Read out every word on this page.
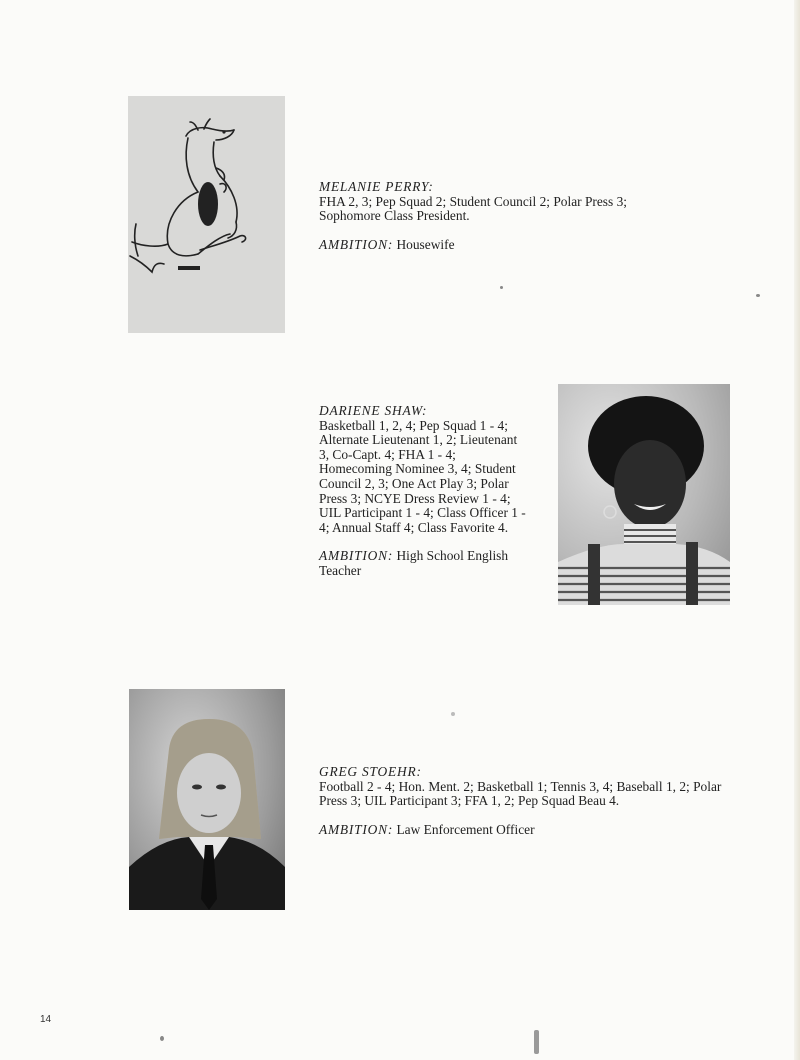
MELANIE PERRY:

FHA 2, 3; Pep Squad 2; Student Council 2; Polar Press 3; Sophomore Class President.

AMBITION: Housewife

DARIENE SHAW:

Basketball 1, 2, 4; Pep Squad 1 - 4; Alternate Lieutenant 1, 2; Lieutenant 3, Co-Capt. 4; FHA 1 - 4; Homecoming Nominee 3, 4; Student Council 2, 3; One Act Play 3; Polar Press 3; NCYE Dress Review 1 - 4; UIL Participant 1 - 4; Class Officer 1 - 4; Annual Staff 4; Class Favorite 4.

AMBITION: High School English Teacher

GREG STOEHR:

Football 2 - 4; Hon. Ment. 2; Basketball 1; Tennis 3, 4; Baseball 1, 2; Polar Press 3; UIL Participant 3; FFA 1, 2; Pep Squad Beau 4.

AMBITION: Law Enforcement Officer

14
